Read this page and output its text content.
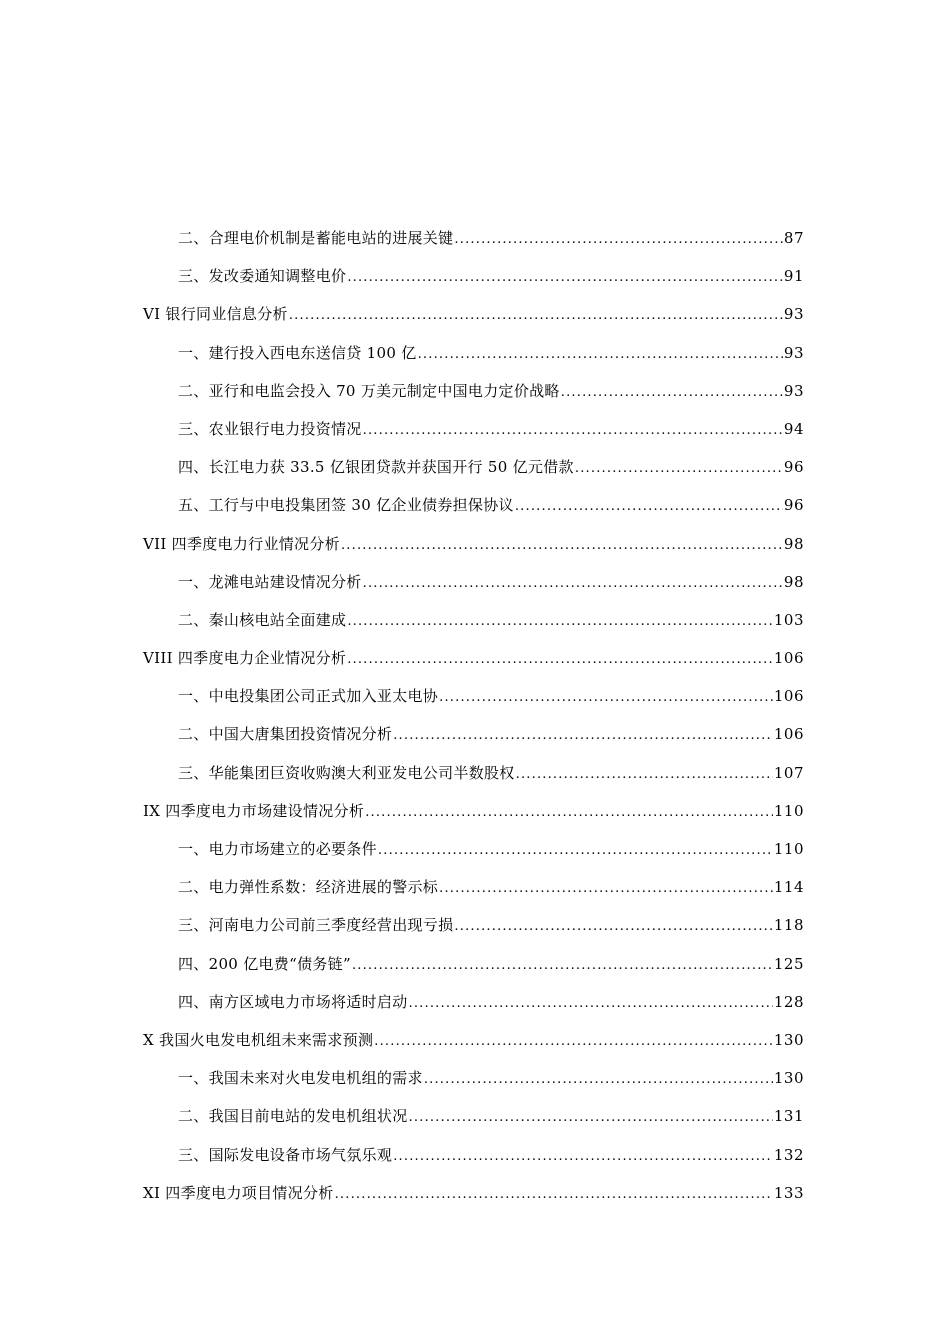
二、合理电价机制是蓄能电站的进展关键 .....	87
三、发改委通知调整电价 .....	91
VI 银行同业信息分析 .....	93
一、建行投入西电东送信贷 100 亿 .....	93
二、亚行和电监会投入 70 万美元制定中国电力定价战略 .....	93
三、农业银行电力投资情况 .....	94
四、长江电力获 33.5 亿银团贷款并获国开行 50 亿元借款 .....	96
五、工行与中电投集团签 30 亿企业债券担保协议 .....	96
VII 四季度电力行业情况分析 .....	98
一、龙滩电站建设情况分析 .....	98
二、秦山核电站全面建成 .....	103
VIII 四季度电力企业情况分析 .....	106
一、中电投集团公司正式加入亚太电协 .....	106
二、中国大唐集团投资情况分析 .....	106
三、华能集团巨资收购澳大利亚发电公司半数股权 .....	107
IX 四季度电力市场建设情况分析 .....	110
一、电力市场建立的必要条件 .....	110
二、电力弹性系数：经济进展的警示标 .....	114
三、河南电力公司前三季度经营出现亏损 .....	118
四、200 亿电费“债务链” .....	125
四、南方区域电力市场将适时启动 .....	128
X 我国火电发电机组未来需求预测 .....	130
一、我国未来对火电发电机组的需求 .....	130
二、我国目前电站的发电机组状况 .....	131
三、国际发电设备市场气氛乐观 .....	132
XI 四季度电力项目情况分析 .....	133
